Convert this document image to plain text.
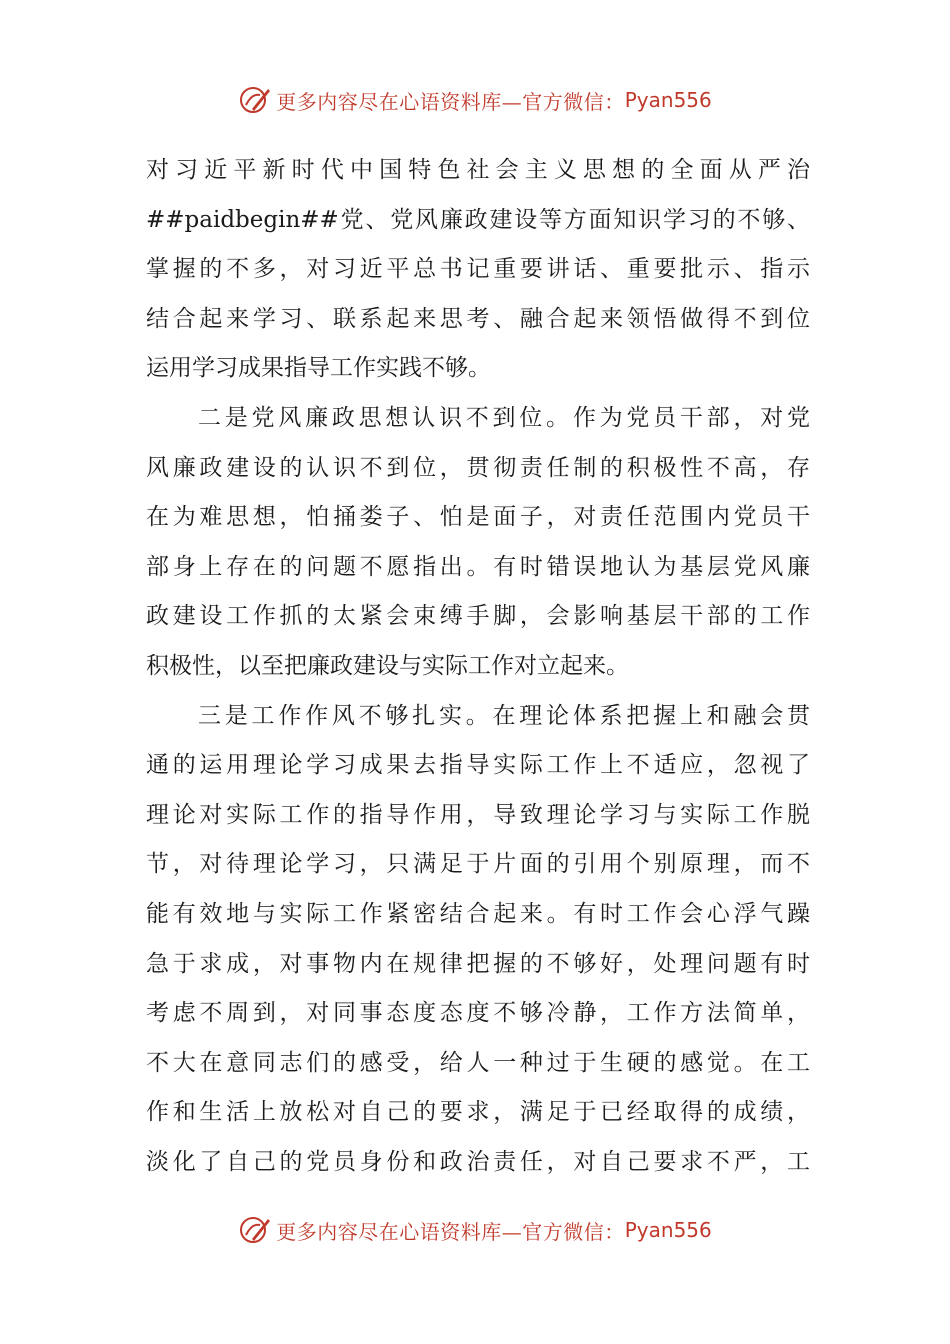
更多内容尽在心语资料库—官方微信： Pyan556
对习近平新时代中国特色社会主义思想的全面从严治
##paidbegin##党、党风廉政建设等方面知识学习的不够、
掌握的不多，对习近平总书记重要讲话、重要批示、指示
结合起来学习、联系起来思考、融合起来领悟做得不到位
运用学习成果指导工作实践不够。
二是党风廉政思想认识不到位。作为党员干部，对党
风廉政建设的认识不到位，贯彻责任制的积极性不高，存
在为难思想，怕捅娄子、怕是面子，对责任范围内党员干
部身上存在的问题不愿指出。有时错误地认为基层党风廉
政建设工作抓的太紧会束缚手脚，会影响基层干部的工作
积极性，以至把廉政建设与实际工作对立起来。
三是工作作风不够扎实。在理论体系把握上和融会贯
通的运用理论学习成果去指导实际工作上不适应，忽视了
理论对实际工作的指导作用，导致理论学习与实际工作脱
节，对待理论学习，只满足于片面的引用个别原理，而不
能有效地与实际工作紧密结合起来。有时工作会心浮气躁
急于求成，对事物内在规律把握的不够好，处理问题有时
考虑不周到，对同事态度态度不够冷静，工作方法简单，
不大在意同志们的感受，给人一种过于生硬的感觉。在工
作和生活上放松对自己的要求，满足于已经取得的成绩，
淡化了自己的党员身份和政治责任，对自己要求不严，工
更多内容尽在心语资料库—官方微信： Pyan556
